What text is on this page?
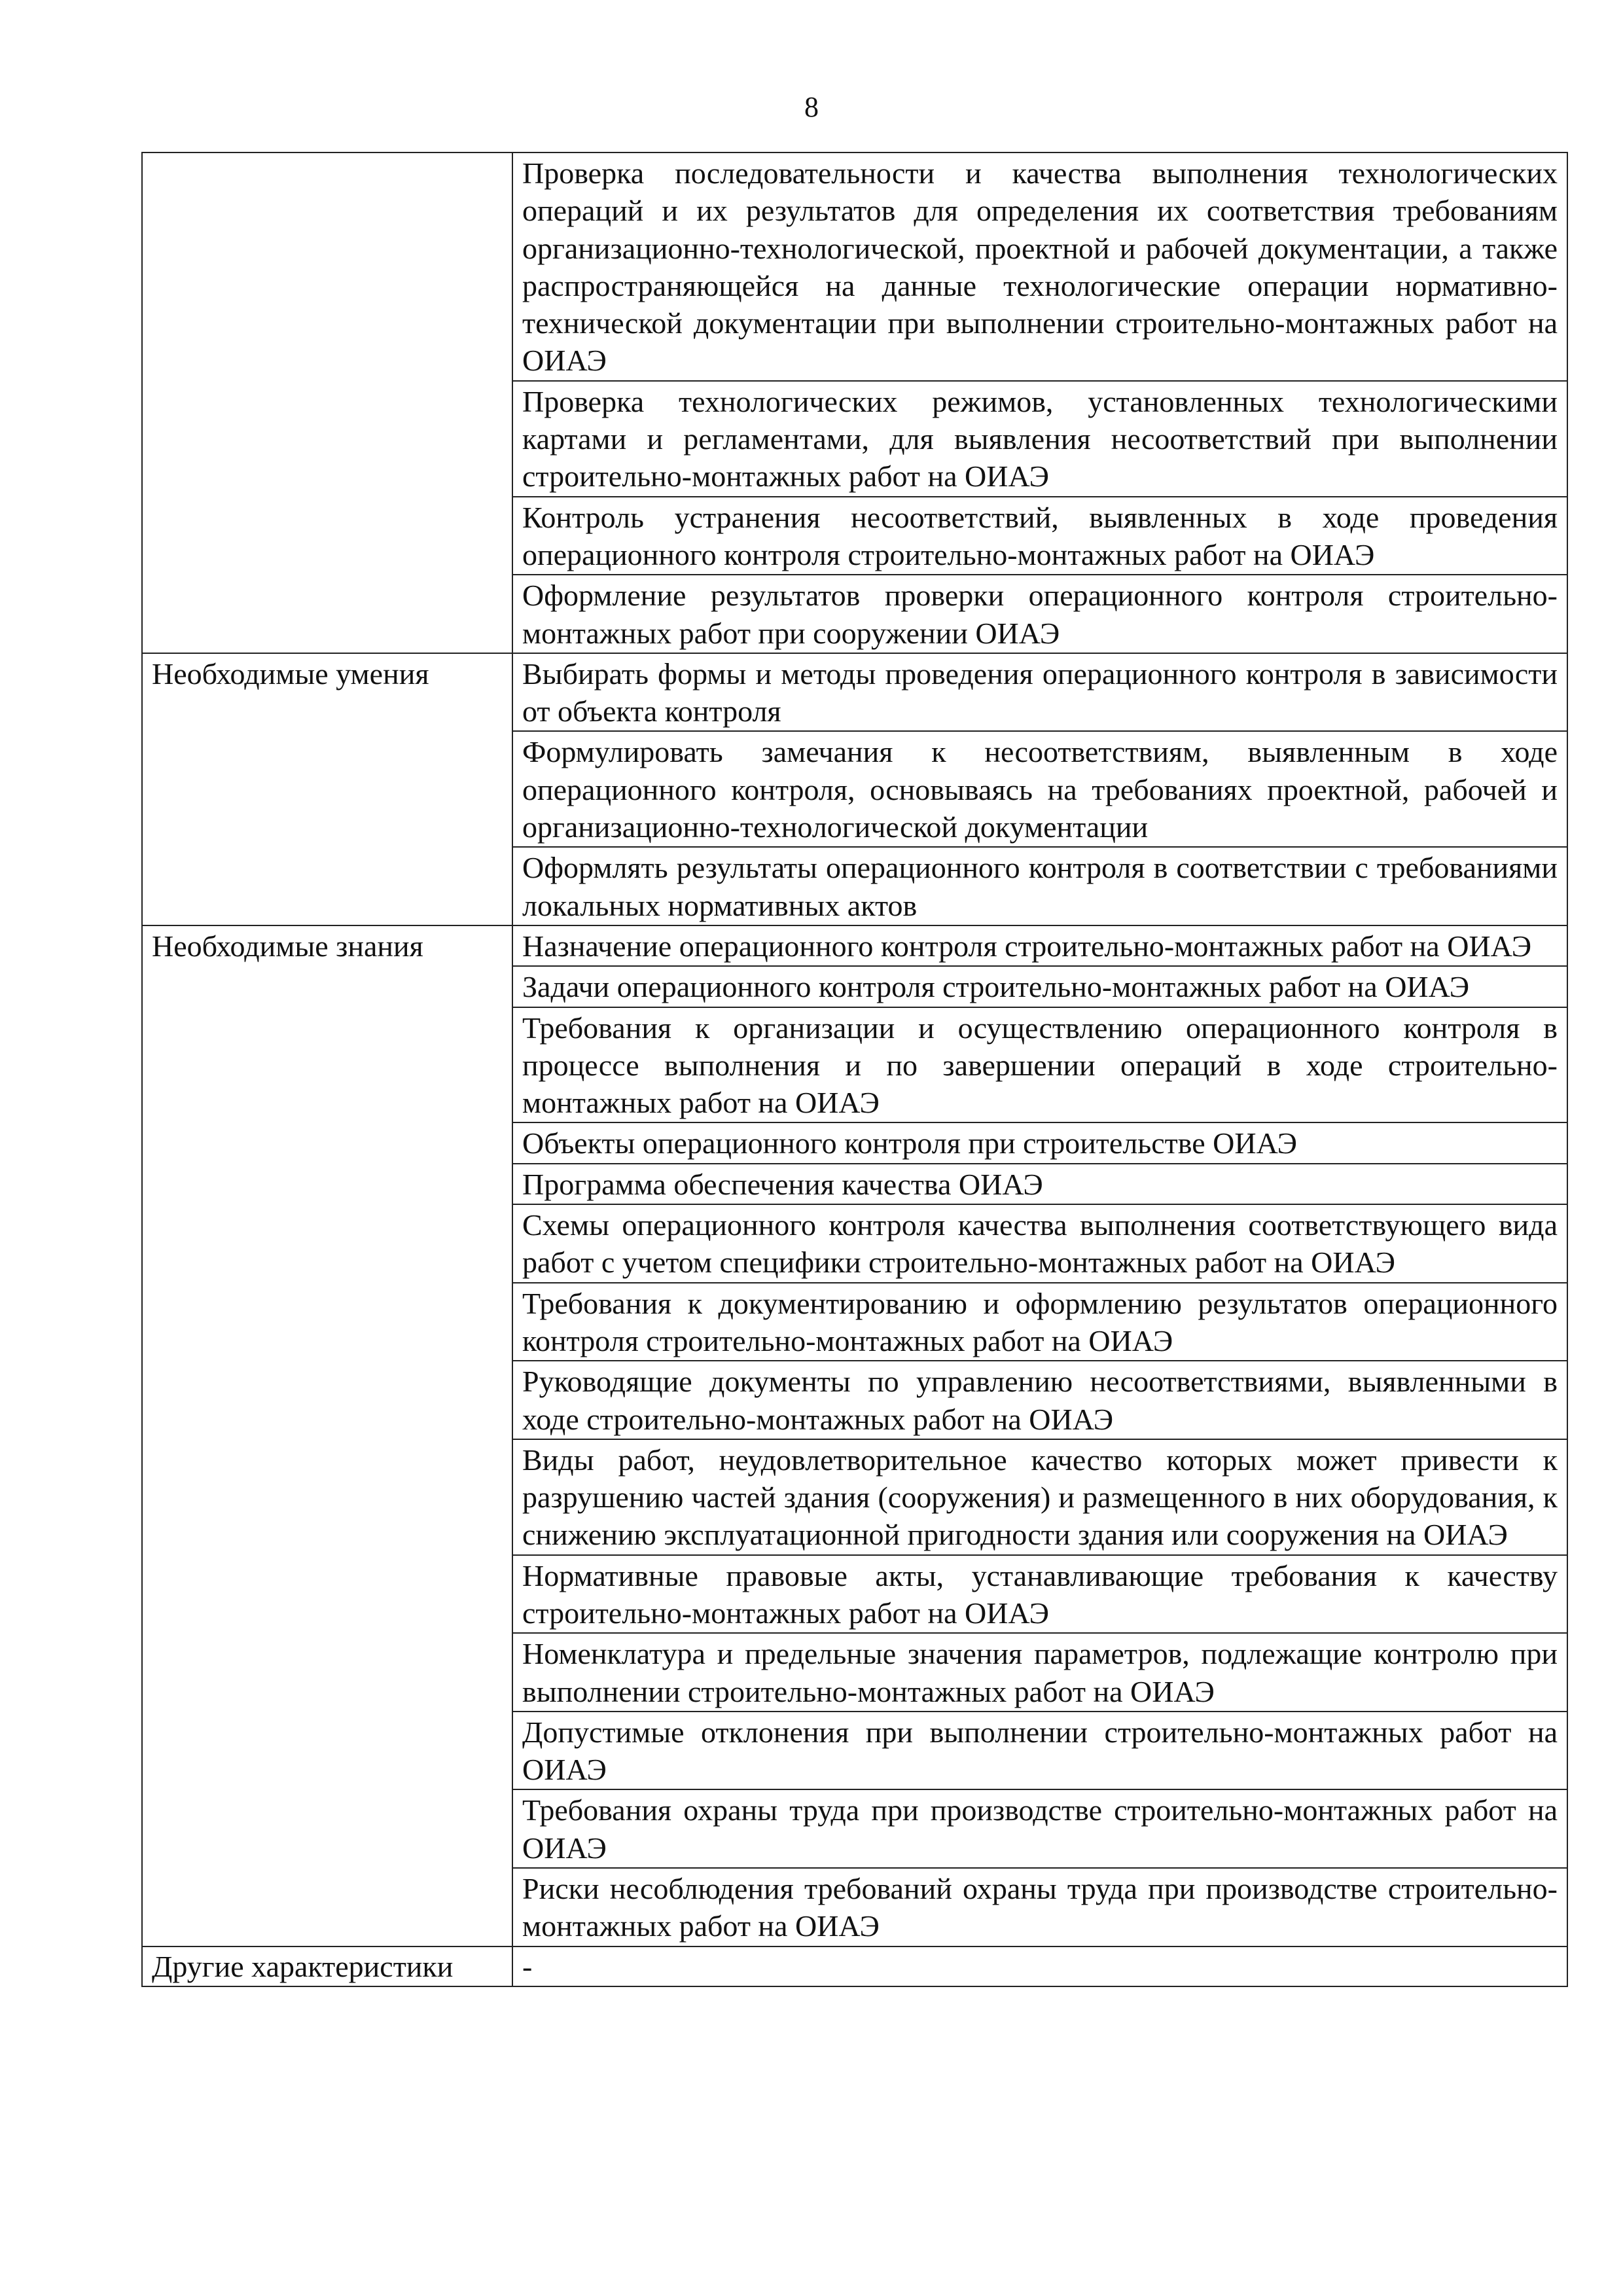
8
	Проверка последовательности и качества выполнения технологических операций и их результатов для определения их соответствия требованиям организационно-технологической, проектной и рабочей документации, а также распространяющейся на данные технологические операции нормативно-технической документации при выполнении строительно-монтажных работ на ОИАЭ
	Проверка технологических режимов, установленных технологическими картами и регламентами, для выявления несоответствий при выполнении строительно-монтажных работ на ОИАЭ
	Контроль устранения несоответствий, выявленных в ходе проведения операционного контроля строительно-монтажных работ на ОИАЭ
	Оформление результатов проверки операционного контроля строительно-монтажных работ при сооружении ОИАЭ
Необходимые умения	Выбирать формы и методы проведения операционного контроля в зависимости от объекта контроля
	Формулировать замечания к несоответствиям, выявленным в ходе операционного контроля, основываясь на требованиях проектной, рабочей и организационно-технологической документации
	Оформлять результаты операционного контроля в соответствии с требованиями локальных нормативных актов
Необходимые знания	Назначение операционного контроля строительно-монтажных работ на ОИАЭ
	Задачи операционного контроля строительно-монтажных работ на ОИАЭ
	Требования к организации и осуществлению операционного контроля в процессе выполнения и по завершении операций в ходе строительно-монтажных работ на ОИАЭ
	Объекты операционного контроля при строительстве ОИАЭ
	Программа обеспечения качества ОИАЭ
	Схемы операционного контроля качества выполнения соответствующего вида работ с учетом специфики строительно-монтажных работ на ОИАЭ
	Требования к документированию и оформлению результатов операционного контроля строительно-монтажных работ на ОИАЭ
	Руководящие документы по управлению несоответствиями, выявленными в ходе строительно-монтажных работ на ОИАЭ
	Виды работ, неудовлетворительное качество которых может привести к разрушению частей здания (сооружения) и размещенного в них оборудования, к снижению эксплуатационной пригодности здания или сооружения на ОИАЭ
	Нормативные правовые акты, устанавливающие требования к качеству строительно-монтажных работ на ОИАЭ
	Номенклатура и предельные значения параметров, подлежащие контролю при выполнении строительно-монтажных работ на ОИАЭ
	Допустимые отклонения при выполнении строительно-монтажных работ на ОИАЭ
	Требования охраны труда при производстве строительно-монтажных работ на ОИАЭ
	Риски несоблюдения требований охраны труда при производстве строительно-монтажных работ на ОИАЭ
Другие характеристики	-
